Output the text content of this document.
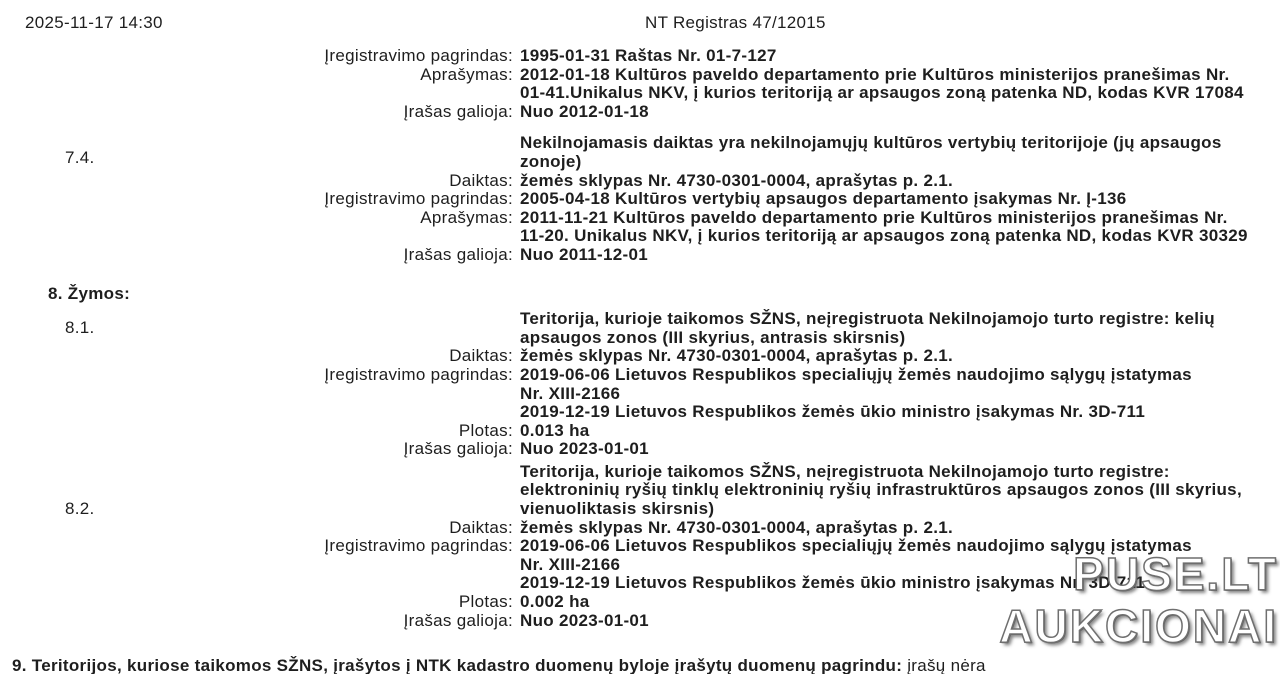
2025-11-17 14:30	NT Registras 47/12015
Įregistravimo pagrindas: 1995-01-31 Raštas Nr. 01-7-127
Aprašymas: 2012-01-18 Kultūros paveldo departamento prie Kultūros ministerijos pranešimas Nr.
01-41.Unikalus NKV, į kurios teritoriją ar apsaugos zoną patenka ND, kodas KVR 17084
Įrašas galioja: Nuo 2012-01-18
7.4.
Nekilnojamasis daiktas yra nekilnojamųjų kultūros vertybių teritorijoje (jų apsaugos
zonoje)
Daiktas: žemės sklypas Nr. 4730-0301-0004, aprašytas p. 2.1.
Įregistravimo pagrindas: 2005-04-18 Kultūros vertybių apsaugos departamento įsakymas Nr. Į-136
Aprašymas: 2011-11-21 Kultūros paveldo departamento prie Kultūros ministerijos pranešimas Nr.
11-20. Unikalus NKV, į kurios teritoriją ar apsaugos zoną patenka ND, kodas KVR 30329
Įrašas galioja: Nuo 2011-12-01
8. Žymos:
8.1.	Teritorija, kurioje taikomos SŽNS, neįregistruota Nekilnojamojo turto registre: kelių
apsaugos zonos (III skyrius, antrasis skirsnis)
Daiktas: žemės sklypas Nr. 4730-0301-0004, aprašytas p. 2.1.
Įregistravimo pagrindas: 2019-06-06 Lietuvos Respublikos specialiųjų žemės naudojimo sąlygų įstatymas
Nr. XIII-2166
2019-12-19 Lietuvos Respublikos žemės ūkio ministro įsakymas Nr. 3D-711
Plotas: 0.013 ha
Įrašas galioja: Nuo 2023-01-01
8.2.
Teritorija, kurioje taikomos SŽNS, neįregistruota Nekilnojamojo turto registre:
elektroninių ryšių tinklų elektroninių ryšių infrastruktūros apsaugos zonos (III skyrius,
vienuoliktasis skirsnis)
Daiktas: žemės sklypas Nr. 4730-0301-0004, aprašytas p. 2.1.
Įregistravimo pagrindas: 2019-06-06 Lietuvos Respublikos specialiųjų žemės naudojimo sąlygų įstatymas
Nr. XIII-2166
2019-12-19 Lietuvos Respublikos žemės ūkio ministro įsakymas Nr. 3D-711
Plotas: 0.002 ha
Įrašas galioja: Nuo 2023-01-01
9. Teritorijos, kuriose taikomos SŽNS, įrašytos į NTK kadastro duomenų byloje įrašytų duomenų pagrindu: įrašų nėra
PUSE.LT
AUKCIONAI
